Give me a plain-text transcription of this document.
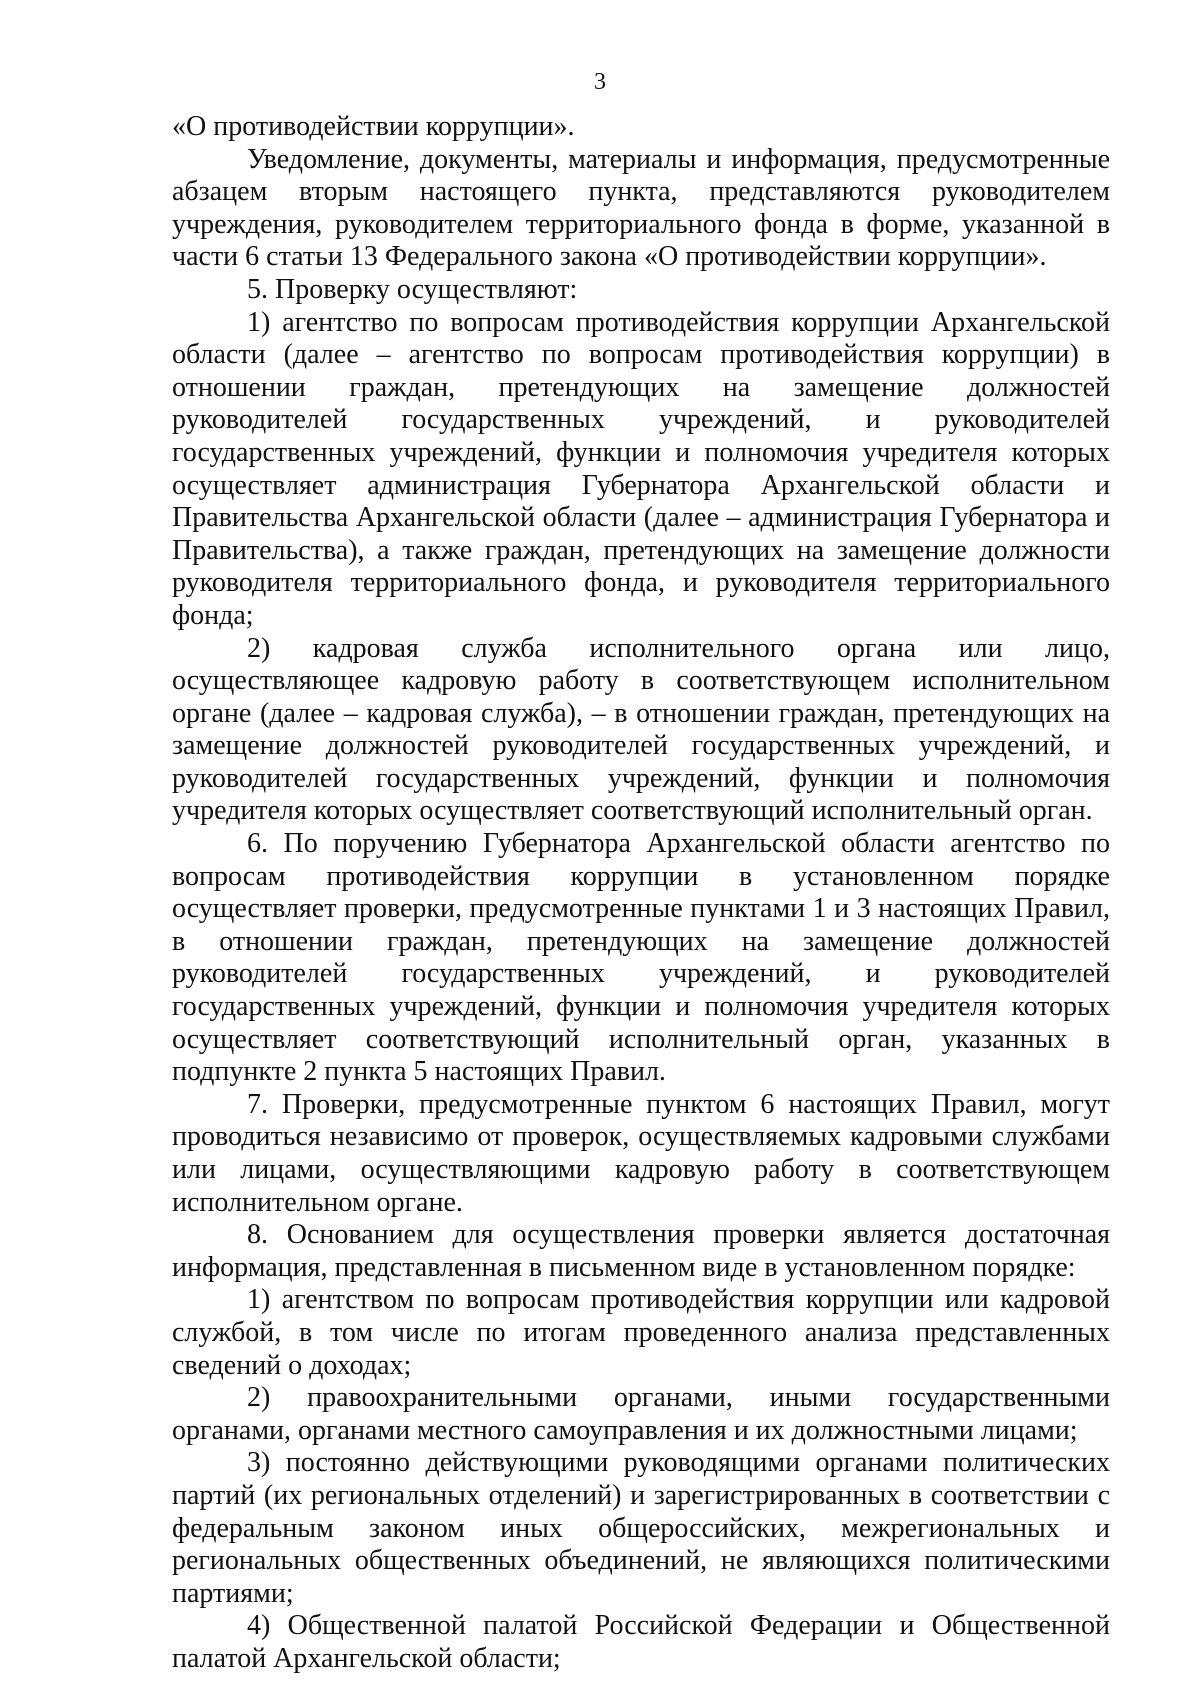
3

«О противодействии коррупции».

Уведомление, документы, материалы и информация, предусмотренные абзацем вторым настоящего пункта, представляются руководителем учреждения, руководителем территориального фонда в форме, указанной в части 6 статьи 13 Федерального закона «О противодействии коррупции».

5. Проверку осуществляют:

1) агентство по вопросам противодействия коррупции Архангельской области (далее – агентство по вопросам противодействия коррупции) в отношении граждан, претендующих на замещение должностей руководителей государственных учреждений, и руководителей государственных учреждений, функции и полномочия учредителя которых осуществляет администрация Губернатора Архангельской области и Правительства Архангельской области (далее – администрация Губернатора и Правительства), а также граждан, претендующих на замещение должности руководителя территориального фонда, и руководителя территориального фонда;

2) кадровая служба исполнительного органа или лицо, осуществляющее кадровую работу в соответствующем исполнительном органе (далее – кадровая служба), – в отношении граждан, претендующих на замещение должностей руководителей государственных учреждений, и руководителей государственных учреждений, функции и полномочия учредителя которых осуществляет соответствующий исполнительный орган.

6. По поручению Губернатора Архангельской области агентство по вопросам противодействия коррупции в установленном порядке осуществляет проверки, предусмотренные пунктами 1 и 3 настоящих Правил, в отношении граждан, претендующих на замещение должностей руководителей государственных учреждений, и руководителей государственных учреждений, функции и полномочия учредителя которых осуществляет соответствующий исполнительный орган, указанных в подпункте 2 пункта 5 настоящих Правил.

7. Проверки, предусмотренные пунктом 6 настоящих Правил, могут проводиться независимо от проверок, осуществляемых кадровыми службами или лицами, осуществляющими кадровую работу в соответствующем исполнительном органе.

8. Основанием для осуществления проверки является достаточная информация, представленная в письменном виде в установленном порядке:

1) агентством по вопросам противодействия коррупции или кадровой службой, в том числе по итогам проведенного анализа представленных сведений о доходах;

2) правоохранительными органами, иными государственными органами, органами местного самоуправления и их должностными лицами;

3) постоянно действующими руководящими органами политических партий (их региональных отделений) и зарегистрированных в соответствии с федеральным законом иных общероссийских, межрегиональных и региональных общественных объединений, не являющихся политическими партиями;

4) Общественной палатой Российской Федерации и Общественной палатой Архангельской области;
